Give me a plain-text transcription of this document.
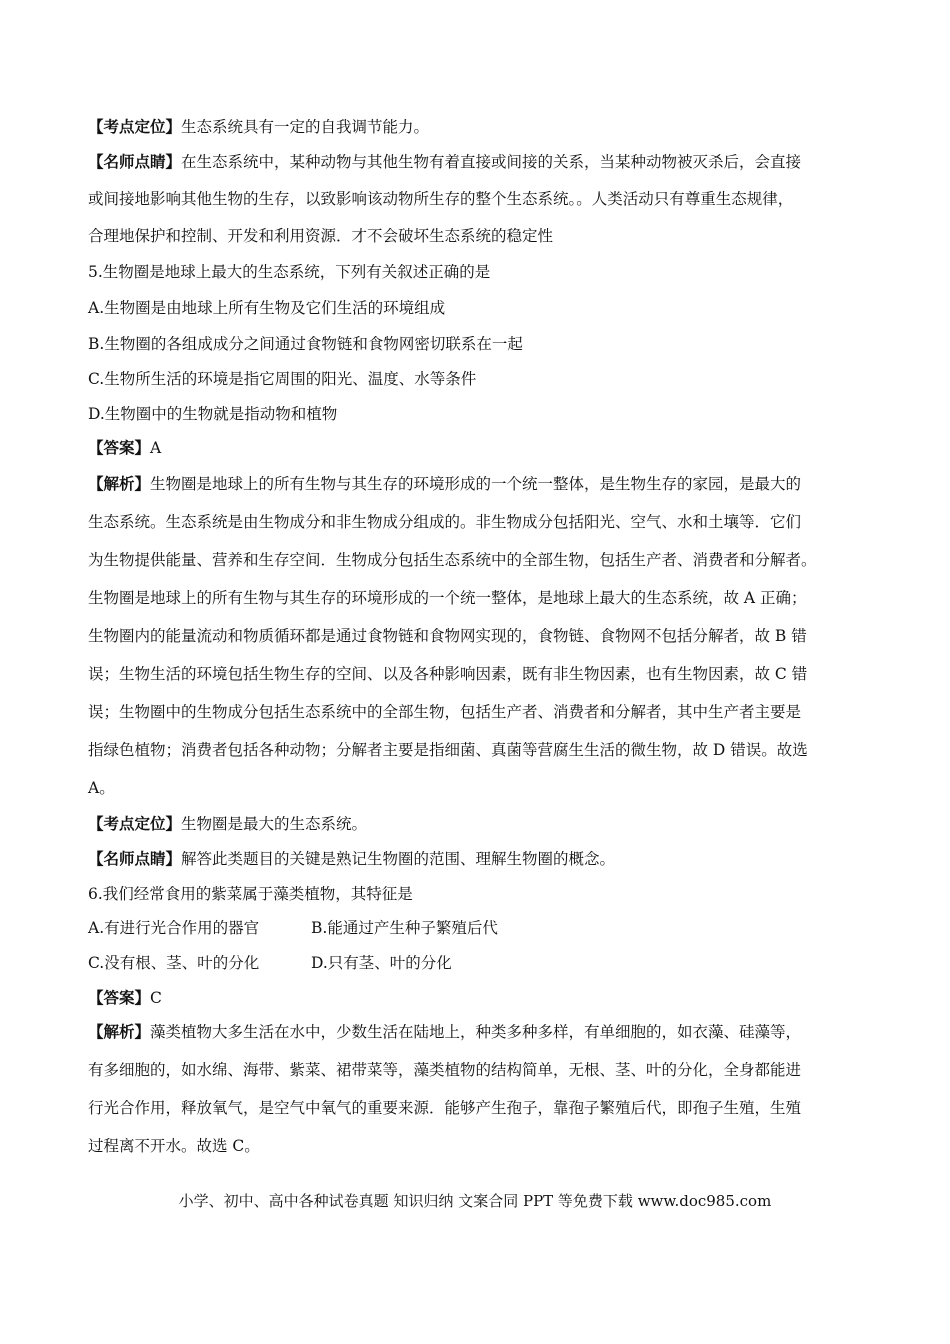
【考点定位】生态系统具有一定的自我调节能力。
【名师点睛】在生态系统中，某种动物与其他生物有着直接或间接的关系，当某种动物被灭杀后，会直接
或间接地影响其他生物的生存，以致影响该动物所生存的整个生态系统。。人类活动只有尊重生态规律，
合理地保护和控制、开发和利用资源．才不会破坏生态系统的稳定性
5.生物圈是地球上最大的生态系统，下列有关叙述正确的是
A.生物圈是由地球上所有生物及它们生活的环境组成
B.生物圈的各组成成分之间通过食物链和食物网密切联系在一起
C.生物所生活的环境是指它周围的阳光、温度、水等条件
D.生物圈中的生物就是指动物和植物
【答案】A
【解析】生物圈是地球上的所有生物与其生存的环境形成的一个统一整体，是生物生存的家园，是最大的
生态系统。生态系统是由生物成分和非生物成分组成的。非生物成分包括阳光、空气、水和土壤等．它们
为生物提供能量、营养和生存空间．生物成分包括生态系统中的全部生物，包括生产者、消费者和分解者。
生物圈是地球上的所有生物与其生存的环境形成的一个统一整体，是地球上最大的生态系统，故 A 正确；
生物圈内的能量流动和物质循环都是通过食物链和食物网实现的，食物链、食物网不包括分解者，故 B 错
误；生物生活的环境包括生物生存的空间、以及各种影响因素，既有非生物因素，也有生物因素，故 C 错
误；生物圈中的生物成分包括生态系统中的全部生物，包括生产者、消费者和分解者，其中生产者主要是
指绿色植物；消费者包括各种动物；分解者主要是指细菌、真菌等营腐生生活的微生物，故 D 错误。故选
A。
【考点定位】生物圈是最大的生态系统。
【名师点睛】解答此类题目的关键是熟记生物圈的范围、理解生物圈的概念。
6.我们经常食用的紫菜属于藻类植物，其特征是
A.有进行光合作用的器官	B.能通过产生种子繁殖后代
C.没有根、茎、叶的分化	D.只有茎、叶的分化
【答案】C
【解析】藻类植物大多生活在水中，少数生活在陆地上，种类多种多样，有单细胞的，如衣藻、硅藻等，
有多细胞的，如水绵、海带、紫菜、裙带菜等，藻类植物的结构简单，无根、茎、叶的分化，全身都能进
行光合作用，释放氧气，是空气中氧气的重要来源．能够产生孢子，靠孢子繁殖后代，即孢子生殖，生殖
过程离不开水。故选 C。
小学、初中、高中各种试卷真题 知识归纳 文案合同 PPT 等免费下载 www.doc985.com
